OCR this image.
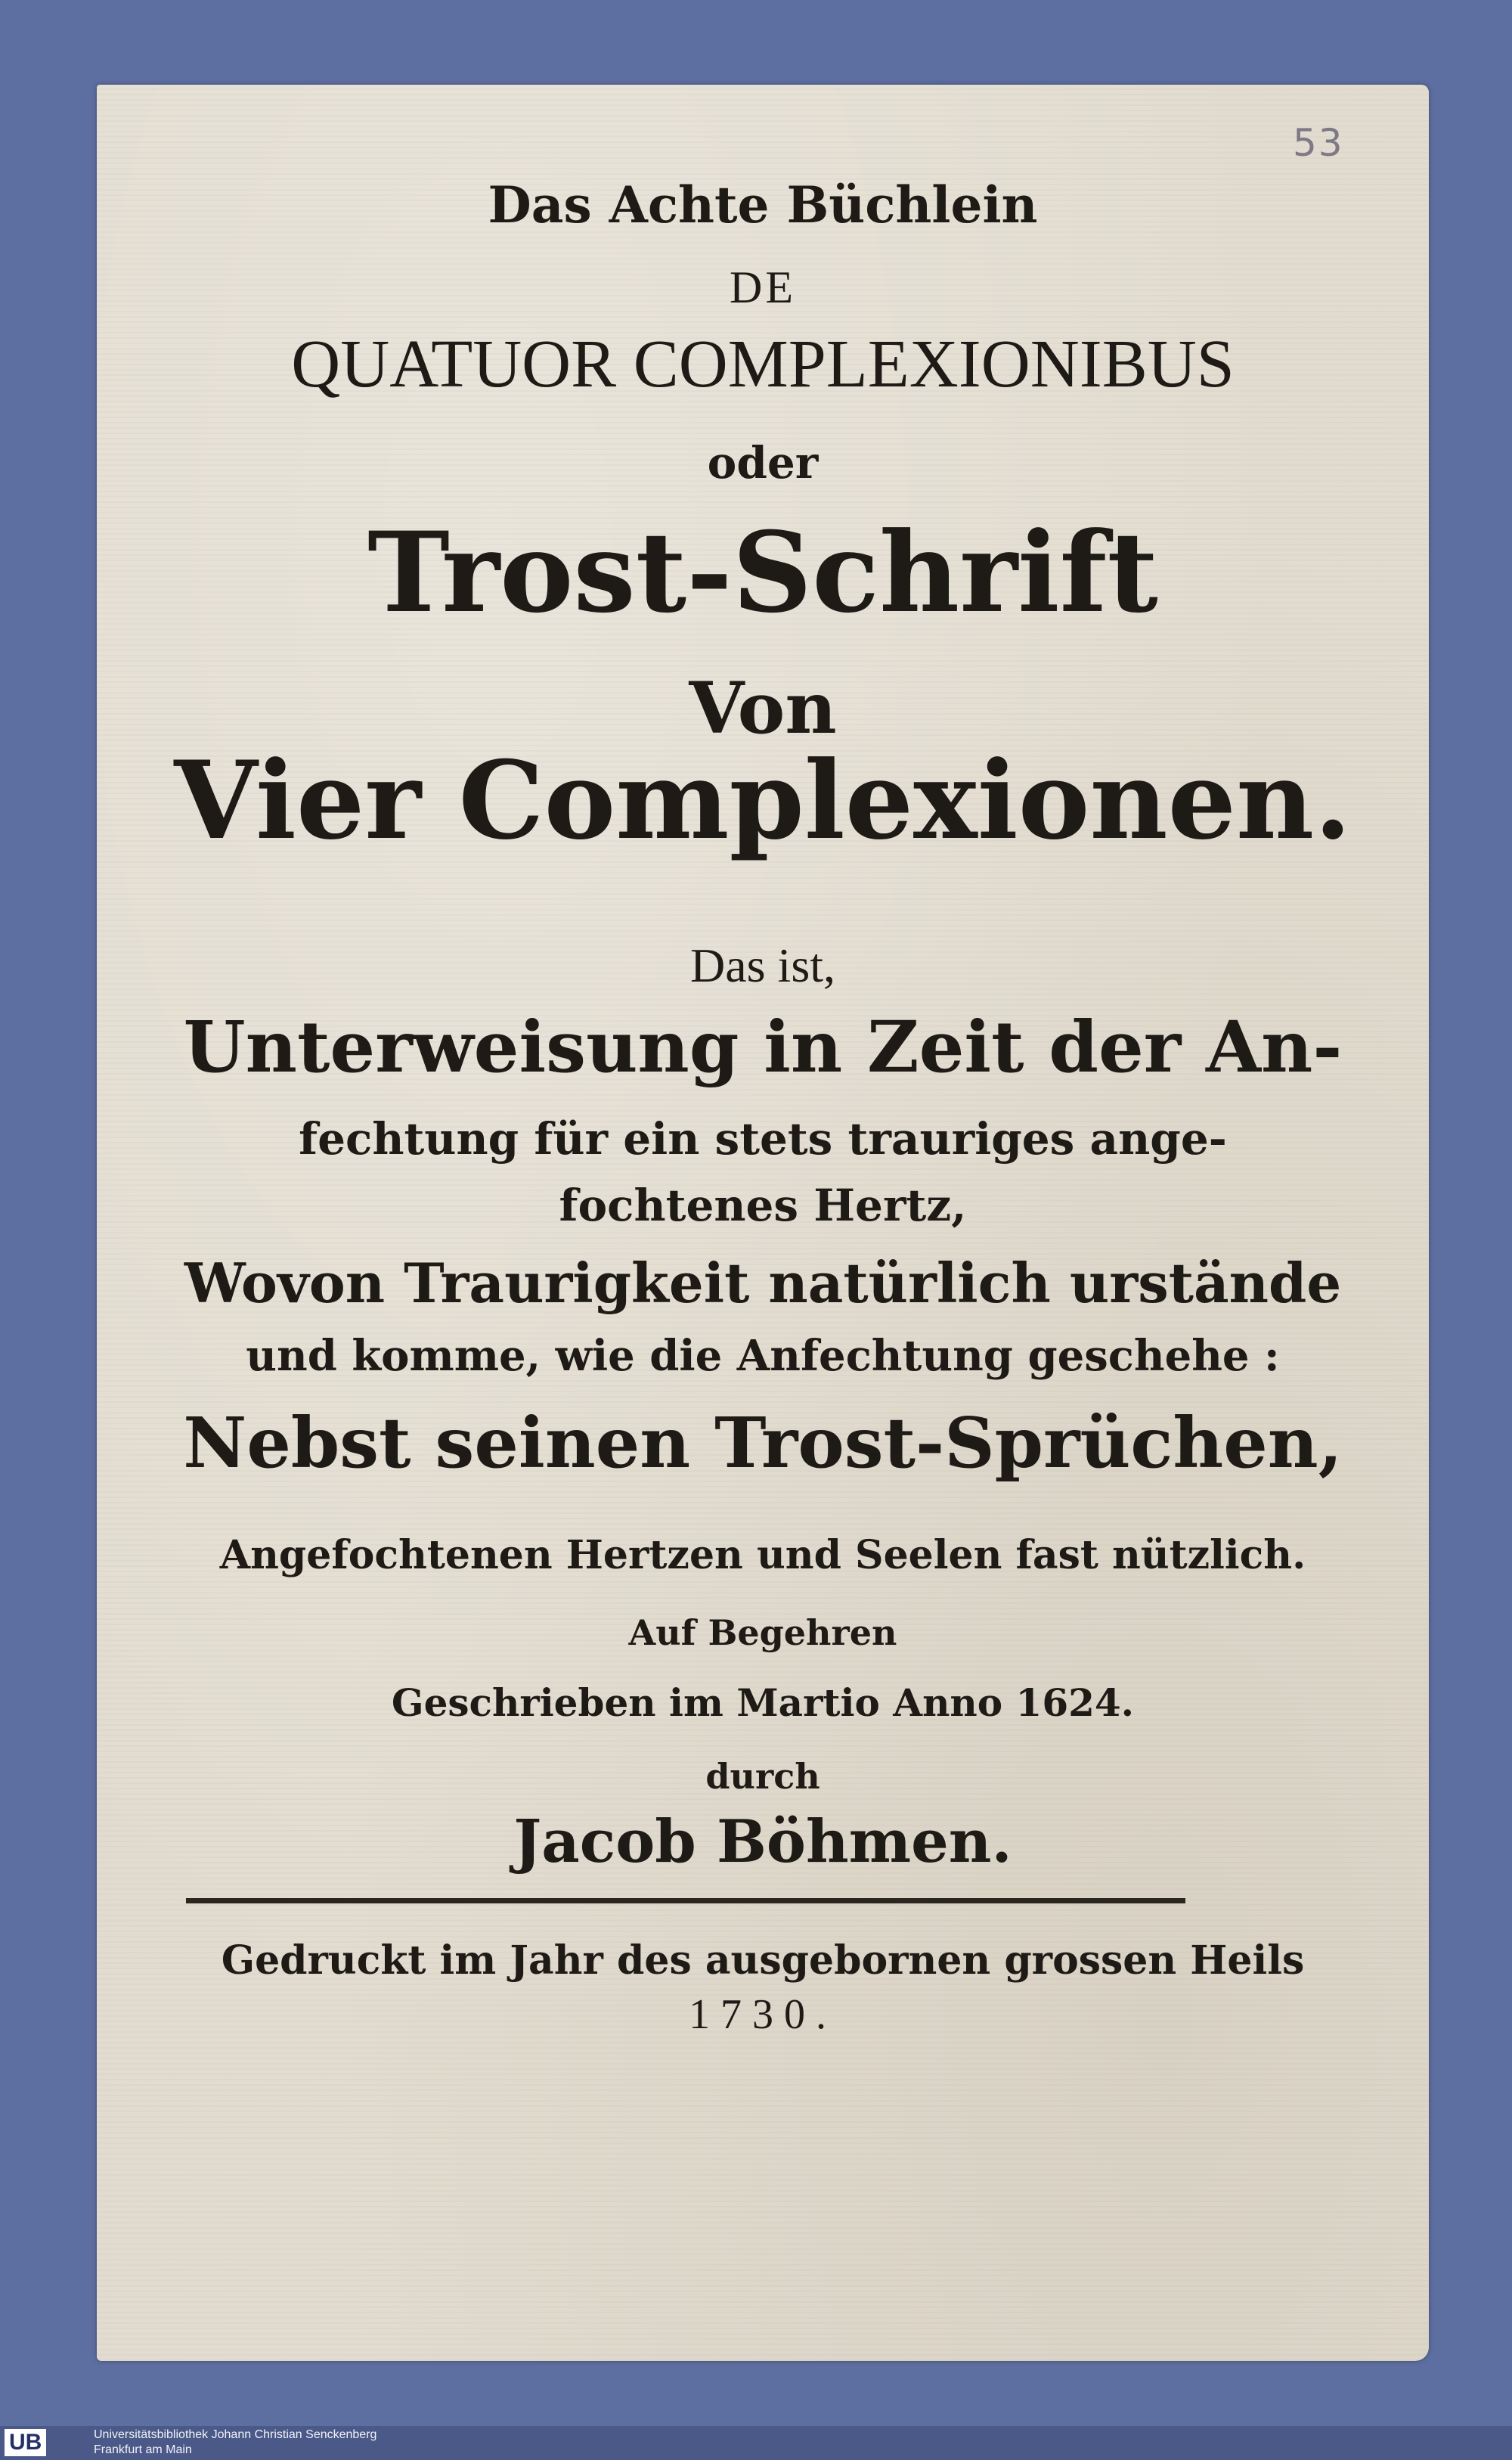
53
Das Achte Büchlein
DE
QUATUOR COMPLEXIONIBUS
oder
Trost-Schrift
Von
Vier Complexionen.
Das ist,
Unterweisung in Zeit der An-
fechtung für ein stets trauriges ange-
fochtenes Hertz,
Wovon Traurigkeit natürlich urstände
und komme, wie die Anfechtung geschehe :
Nebst seinen Trost-Sprüchen,
Angefochtenen Hertzen und Seelen fast nützlich.
Auf Begehren
Geschrieben im Martio Anno 1624.
durch
Jacob Böhmen.
Gedruckt im Jahr des ausgebornen grossen Heils
1730.
UB	Universitätsbibliothek Johann Christian Senckenberg
Frankfurt am Main
